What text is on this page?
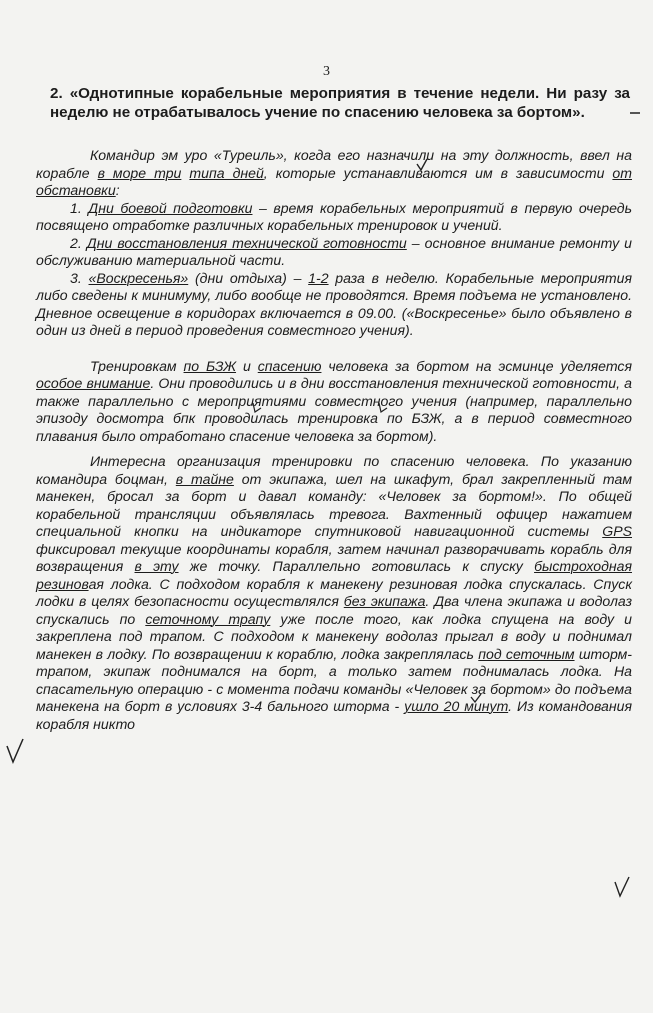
3
2. «Однотипные корабельные мероприятия в течение недели. Ни разу за неделю не отрабатывалось учение по спасению человека за бортом».

Командир эм уро «Туреиль», когда его назначили на эту должность, ввел на корабле в море три типа дней, которые устанавливаются им в зависимости от обстановки:

1. Дни боевой подготовки – время корабельных мероприятий в первую очередь посвящено отработке различных корабельных тренировок и учений.

2. Дни восстановления технической готовности – основное внимание ремонту и обслуживанию материальной части.

3. «Воскресенья» (дни отдыха) – 1-2 раза в неделю. Корабельные мероприятия либо сведены к минимуму, либо вообще не проводятся. Время подъема не установлено. Дневное освещение в коридорах включается в 09.00. («Воскресенье» было объявлено в один из дней в период проведения совместного учения).

Тренировкам по БЗЖ и спасению человека за бортом на эсминце уделяется особое внимание. Они проводились и в дни восстановления технической готовности, а также параллельно с мероприятиями совместного учения (например, параллельно эпизоду досмотра бпк проводилась тренировка по БЗЖ, а в период совместного плавания было отработано спасение человека за бортом).

Интересна организация тренировки по спасению человека. По указанию командира боцман, в тайне от экипажа, шел на шкафут, брал закрепленный там манекен, бросал за борт и давал команду: «Человек за бортом!». По общей корабельной трансляции объявлялась тревога. Вахтенный офицер нажатием специальной кнопки на индикаторе спутниковой навигационной системы GPS фиксировал текущие координаты корабля, затем начинал разворачивать корабль для возвращения в эту же точку. Параллельно готовилась к спуску быстроходная резиновая лодка. С подходом корабля к манекену резиновая лодка спускалась. Спуск лодки в целях безопасности осуществлялся без экипажа. Два члена экипажа и водолаз спускались по сеточному трапу уже после того, как лодка спущена на воду и закреплена под трапом. С подходом к манекену водолаз прыгал в воду и поднимал манекен в лодку. По возвращении к кораблю, лодка закреплялась под сеточным шторм-трапом, экипаж поднимался на борт, а только затем поднималась лодка. На спасательную операцию - с момента подачи команды «Человек за бортом» до подъема манекена на борт в условиях 3-4 бального шторма - ушло 20 минут. Из командования корабля никто
